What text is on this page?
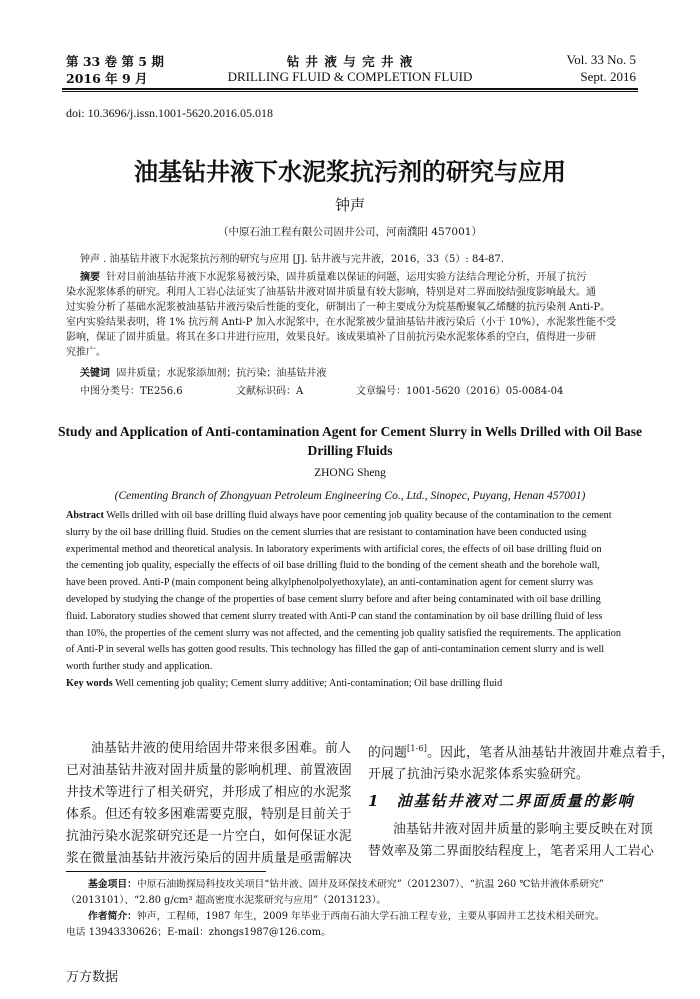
第 33 卷 第 5 期
2016 年 9 月
钻 井 液 与 完 井 液
DRILLING FLUID & COMPLETION FLUID
Vol. 33 No. 5
Sept. 2016
doi: 10.3696/j.issn.1001-5620.2016.05.018
油基钻井液下水泥浆抗污剂的研究与应用
钟声
（中原石油工程有限公司固井公司，河南濮阳 457001）
钟声 . 油基钻井液下水泥浆抗污剂的研究与应用 [J]. 钻井液与完井液，2016，33（5）: 84-87.
摘要 针对目前油基钻井液下水泥浆易被污染，固井质量难以保证的问题，运用实验方法结合理论分析，开展了抗污
染水泥浆体系的研究。利用人工岩心法证实了油基钻井液对固井质量有较大影响，特别是对二界面胶结强度影响最大。通
过实验分析了基础水泥浆被油基钻井液污染后性能的变化，研制出了一种主要成分为烷基酚聚氧乙烯醚的抗污染剂 Anti-P。
室内实验结果表明，将 1% 抗污剂 Anti-P 加入水泥浆中，在水泥浆被少量油基钻井液污染后（小于 10%），水泥浆性能不受
影响，保证了固井质量。将其在多口井进行应用，效果良好。该成果填补了目前抗污染水泥浆体系的空白，值得进一步研
究推广。
关键词 固井质量；水泥浆添加剂；抗污染；油基钻井液
中图分类号：TE256.6	文献标识码：A	文章编号：1001-5620（2016）05-0084-04
Study and Application of Anti-contamination Agent for Cement Slurry in Wells Drilled with Oil Base
Drilling Fluids
ZHONG Sheng
(Cementing Branch of Zhongyuan Petroleum Engineering Co., Ltd., Sinopec, Puyang, Henan 457001)
Abstract Wells drilled with oil base drilling fluid always have poor cementing job quality because of the contamination to the cement
slurry by the oil base drilling fluid. Studies on the cement slurries that are resistant to contamination have been conducted using
experimental method and theoretical analysis. In laboratory experiments with artificial cores, the effects of oil base drilling fluid on
the cementing job quality, especially the effects of oil base drilling fluid to the bonding of the cement sheath and the borehole wall,
have been proved. Anti-P (main component being alkylphenolpolyethoxylate), an anti-contamination agent for cement slurry was
developed by studying the change of the properties of base cement slurry before and after being contaminated with oil base drilling
fluid. Laboratory studies showed that cement slurry treated with Anti-P can stand the contamination by oil base drilling fluid of less
than 10%, the properties of the cement slurry was not affected, and the cementing job quality satisfied the requirements. The application
of Anti-P in several wells has gotten good results. This technology has filled the gap of anti-contamination cement slurry and is well
worth further study and application.
Key words Well cementing job quality; Cement slurry additive; Anti-contamination; Oil base drilling fluid
油基钻井液的使用给固井带来很多困难。前人
已对油基钻井液对固井质量的影响机理、前置液固
井技术等进行了相关研究，并形成了相应的水泥浆
体系。但还有较多困难需要克服，特别是目前关于
抗油污染水泥浆研究还是一片空白，如何保证水泥
浆在微量油基钻井液污染后的固井质量是亟需解决
的问题[1-6]。因此，笔者从油基钻井液固井难点着手，
开展了抗油污染水泥浆体系实验研究。
1 油基钻井液对二界面质量的影响
油基钻井液对固井质量的影响主要反映在对顶
替效率及第二界面胶结程度上，笔者采用人工岩心
基金项目：中原石油勘探局科技攻关项目“钻井液、固井及环保技术研究”（2012307）、“抗温 260 ℃钻井液体系研究”
（2013101）、“2.80 g/cm³ 超高密度水泥浆研究与应用”（2013123）。
作者简介：钟声，工程师，1987 年生，2009 年毕业于西南石油大学石油工程专业，主要从事固井工艺技术相关研究。
电话 13943330626；E-mail：zhongs1987@126.com。
万方数据
